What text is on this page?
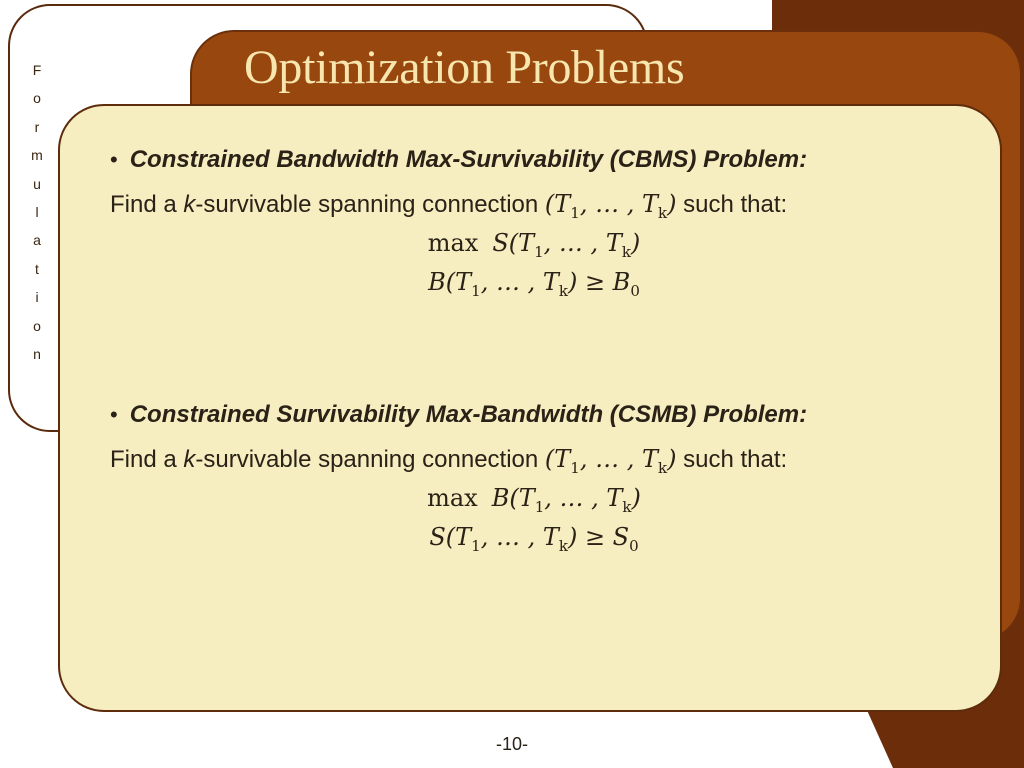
F
o
r
m
u
l
a
t
i
o
n
Optimization Problems
• Constrained Bandwidth Max-Survivability (CBMS) Problem:
Find a k-survivable spanning connection ($T_1$, … , $T_k$) such that:
$\max S(T_1$, … , $T_k$)
$B(T_1$, … , $T_k) \ge B_0$
• Constrained Survivability Max-Bandwidth (CSMB) Problem:
Find a k-survivable spanning connection ($T_1$, … , $T_k$) such that:
$\max B(T_1$, … , $T_k$)
$S(T_1$, … , $T_k) \ge S_0$
-10-
